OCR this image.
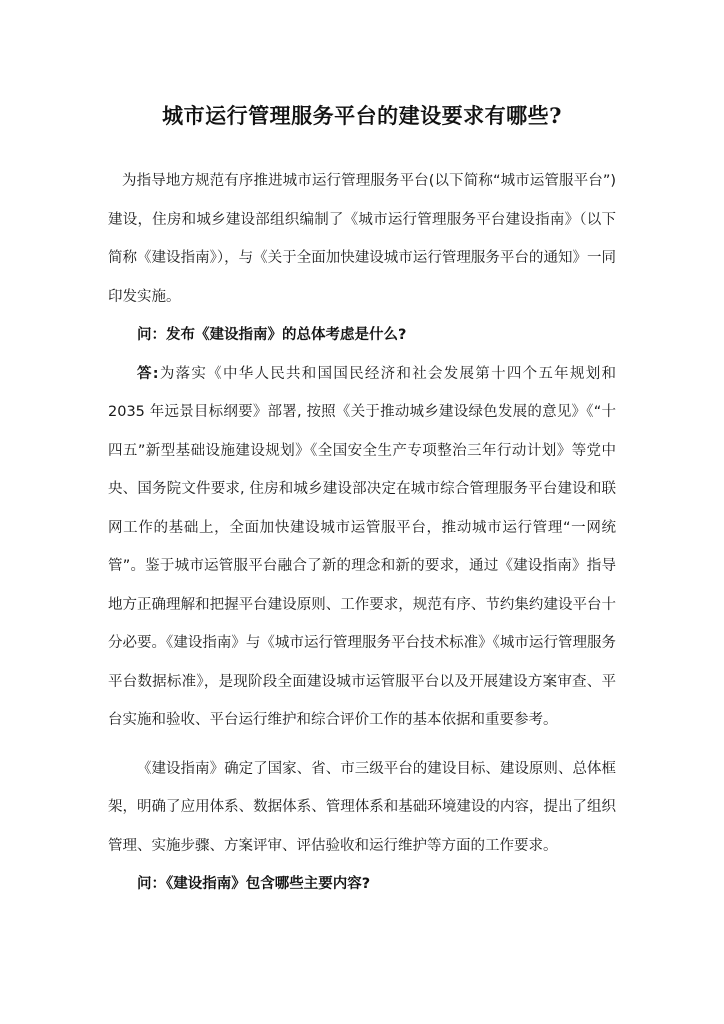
城市运行管理服务平台的建设要求有哪些?

为指导地方规范有序推进城市运行管理服务平台(以下简称“城市运管服平台”)建设，住房和城乡建设部组织编制了《城市运行管理服务平台建设指南》（以下简称《建设指南》），与《关于全面加快建设城市运行管理服务平台的通知》一同印发实施。

问：发布《建设指南》的总体考虑是什么?

答:为落实《中华人民共和国国民经济和社会发展第十四个五年规划和 2035 年远景目标纲要》部署, 按照《关于推动城乡建设绿色发展的意见》《“十四五”新型基础设施建设规划》《全国安全生产专项整治三年行动计划》等党中央、国务院文件要求, 住房和城乡建设部决定在城市综合管理服务平台建设和联网工作的基础上，全面加快建设城市运管服平台，推动城市运行管理“一网统管”。鉴于城市运管服平台融合了新的理念和新的要求，通过《建设指南》指导地方正确理解和把握平台建设原则、工作要求，规范有序、节约集约建设平台十分必要。《建设指南》与《城市运行管理服务平台技术标准》《城市运行管理服务平台数据标准》，是现阶段全面建设城市运管服平台以及开展建设方案审查、平台实施和验收、平台运行维护和综合评价工作的基本依据和重要参考。

《建设指南》确定了国家、省、市三级平台的建设目标、建设原则、总体框架，明确了应用体系、数据体系、管理体系和基础环境建设的内容，提出了组织管理、实施步骤、方案评审、评估验收和运行维护等方面的工作要求。

问：《建设指南》包含哪些主要内容?
